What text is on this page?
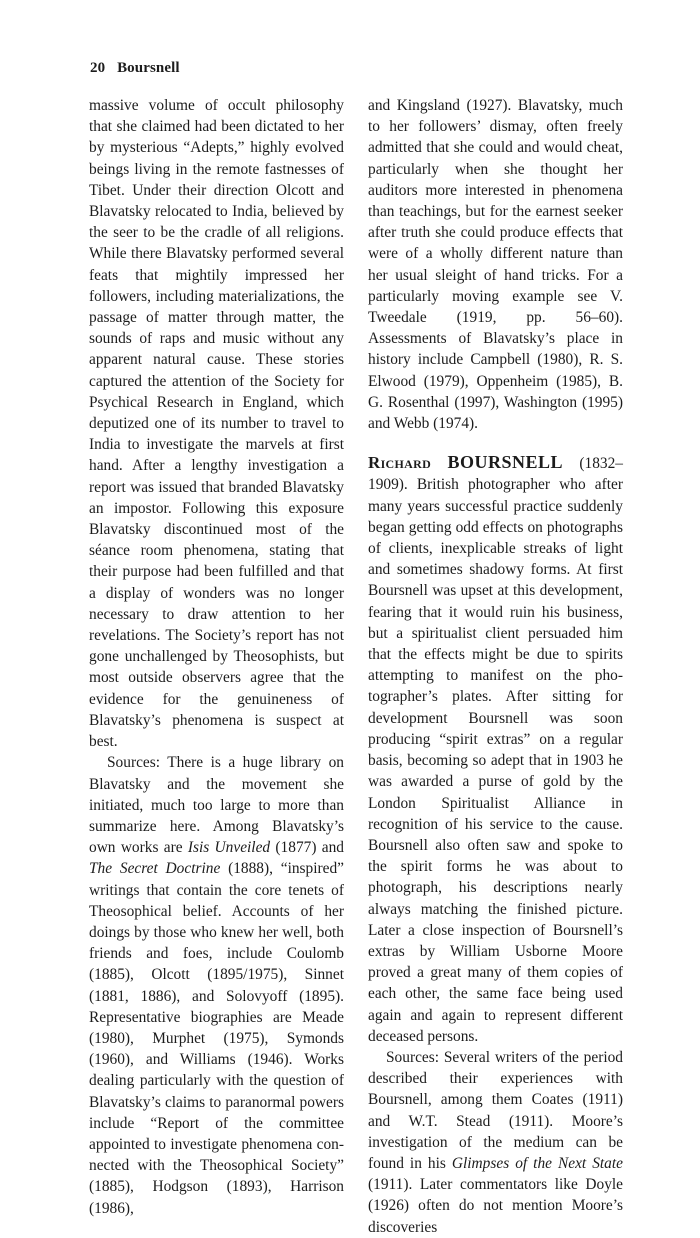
20 Boursnell

massive volume of occult philosophy that she claimed had been dictated to her by mysterious “Adepts,” highly evolved beings living in the remote fastnesses of Tibet. Under their direction Olcott and Blavatsky relocated to India, believed by the seer to be the cradle of all religions. While there Blavatsky performed several feats that mightily impressed her followers, including materializations, the passage of matter through matter, the sounds of raps and music without any apparent natural cause. These stories captured the attention of the Society for Psychical Research in England, which deputized one of its number to travel to India to investigate the marvels at first hand. After a lengthy investigation a report was issued that branded Blavatsky an impostor. Following this exposure Blavatsky discontinued most of the séance room phenomena, stating that their purpose had been fulfilled and that a display of wonders was no longer necessary to draw attention to her revelations. The Society’s report has not gone unchallenged by Theosophists, but most outside observers agree that the evidence for the genuineness of Blavatsky’s phenomena is suspect at best.

Sources: There is a huge library on Blavatsky and the movement she initiated, much too large to more than summarize here. Among Blavatsky’s own works are Isis Unveiled (1877) and The Secret Doctrine (1888), “inspired” writings that contain the core tenets of Theosophical belief. Accounts of her doings by those who knew her well, both friends and foes, include Coulomb (1885), Olcott (1895/1975), Sinnet (1881, 1886), and Solovyoff (1895). Representative biographies are Meade (1980), Murphet (1975), Symonds (1960), and Williams (1946). Works dealing particularly with the question of Blavatsky’s claims to paranormal powers include “Report of the committee appointed to investigate phenomena connected with the Theosophical Society” (1885), Hodgson (1893), Harrison (1986),

and Kingsland (1927). Blavatsky, much to her followers’ dismay, often freely admitted that she could and would cheat, particularly when she thought her auditors more interested in phenomena than teachings, but for the earnest seeker after truth she could produce effects that were of a wholly different nature than her usual sleight of hand tricks. For a particularly moving example see V. Tweedale (1919, pp. 56–60). Assessments of Blavatsky’s place in history include Campbell (1980), R. S. Elwood (1979), Oppenheim (1985), B. G. Rosenthal (1997), Washington (1995) and Webb (1974).

Richard BOURSNELL (1832–1909). British photographer who after many years successful practice suddenly began getting odd effects on photographs of clients, inexplicable streaks of light and sometimes shadowy forms. At first Boursnell was upset at this development, fearing that it would ruin his business, but a spiritualist client persuaded him that the effects might be due to spirits attempting to manifest on the photographer’s plates. After sitting for development Boursnell was soon producing “spirit extras” on a regular basis, becoming so adept that in 1903 he was awarded a purse of gold by the London Spiritualist Alliance in recognition of his service to the cause. Boursnell also often saw and spoke to the spirit forms he was about to photograph, his descriptions nearly always matching the finished picture. Later a close inspection of Boursnell’s extras by William Usborne Moore proved a great many of them copies of each other, the same face being used again and again to represent different deceased persons.

Sources: Several writers of the period described their experiences with Boursnell, among them Coates (1911) and W.T. Stead (1911). Moore’s investigation of the medium can be found in his Glimpses of the Next State (1911). Later commentators like Doyle (1926) often do not mention Moore’s discoveries
